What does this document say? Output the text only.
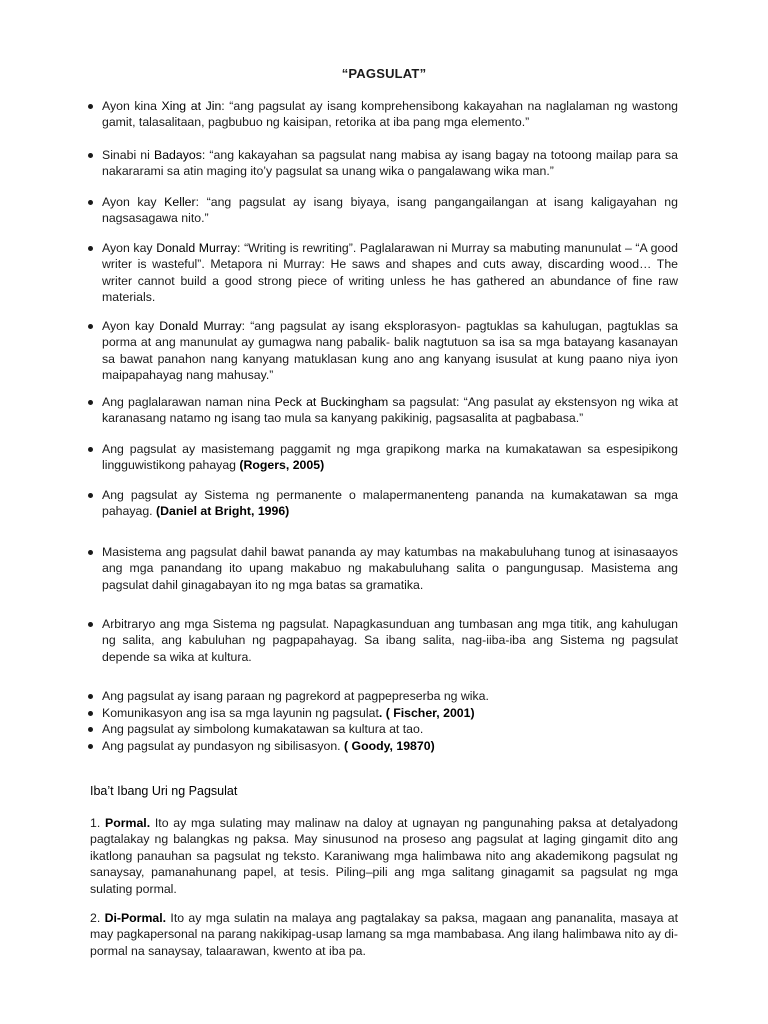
“PAGSULAT”
Ayon kina Xing at Jin: “ang pagsulat ay isang komprehensibong kakayahan na naglalaman ng wastong gamit, talasalitaan, pagbubuo ng kaisipan, retorika at iba pang mga elemento.”
Sinabi ni Badayos: “ang kakayahan sa pagsulat nang mabisa ay isang bagay na totoong mailap para sa nakararami sa atin maging ito’y pagsulat sa unang wika o pangalawang wika man.”
Ayon kay Keller: “ang pagsulat ay isang biyaya, isang pangangailangan at isang kaligayahan ng nagsasagawa nito.”
Ayon kay Donald Murray: “Writing is rewriting”. Paglalarawan ni Murray sa mabuting manunulat – “A good writer is wasteful”. Metapora ni Murray: He saws and shapes and cuts away, discarding wood… The writer cannot build a good strong piece of writing unless he has gathered an abundance of fine raw materials.
Ayon kay Donald Murray: “ang pagsulat ay isang eksplorasyon- pagtuklas sa kahulugan, pagtuklas sa porma at ang manunulat ay gumagwa nang pabalik- balik nagtutuon sa isa sa mga batayang kasanayan sa bawat panahon nang kanyang matuklasan kung ano ang kanyang isusulat at kung paano niya iyon maipapahayag nang mahusay.”
Ang paglalarawan naman nina Peck at Buckingham sa pagsulat: “Ang pasulat ay ekstensyon ng wika at karanasang natamo ng isang tao mula sa kanyang pakikinig, pagsasalita at pagbabasa.”
Ang pagsulat ay masistemang paggamit ng mga grapikong marka na kumakatawan sa espesipikong lingguwistikong pahayag (Rogers, 2005)
Ang pagsulat ay Sistema ng permanente o malapermanenteng pananda na kumakatawan sa mga pahayag. (Daniel at Bright, 1996)
Masistema ang pagsulat dahil bawat pananda ay may katumbas na makabuluhang tunog at isinasaayos ang mga panandang ito upang makabuo ng makabuluhang salita o pangungusap. Masistema ang pagsulat dahil ginagabayan ito ng mga batas sa gramatika.
Arbitraryo ang mga Sistema ng pagsulat. Napagkasunduan ang tumbasan ang mga titik, ang kahulugan ng salita, ang kabuluhan ng pagpapahayag. Sa ibang salita, nag-iiba-iba ang Sistema ng pagsulat depende sa wika at kultura.
Ang pagsulat ay isang paraan ng pagrekord at pagpepreserba ng wika.
Komunikasyon ang isa sa mga layunin ng pagsulat. ( Fischer, 2001)
Ang pagsulat ay simbolong kumakatawan sa kultura at tao.
Ang pagsulat ay pundasyon ng sibilisasyon. ( Goody, 19870)
Iba’t Ibang Uri ng Pagsulat
1. Pormal. Ito ay mga sulating may malinaw na daloy at ugnayan ng pangunahing paksa at detalyadong pagtalakay ng balangkas ng paksa. May sinusunod na proseso ang pagsulat at laging gingamit dito ang ikatlong panauhan sa pagsulat ng teksto. Karaniwang mga halimbawa nito ang akademikong pagsulat ng sanaysay, pamanahunang papel, at tesis. Piling–pili ang mga salitang ginagamit sa pagsulat ng mga sulating pormal.
2. Di-Pormal. Ito ay mga sulatin na malaya ang pagtalakay sa paksa, magaan ang pananalita, masaya at may pagkapersonal na parang nakikipag-usap lamang sa mga mambabasa. Ang ilang halimbawa nito ay di-pormal na sanaysay, talaarawan, kwento at iba pa.
